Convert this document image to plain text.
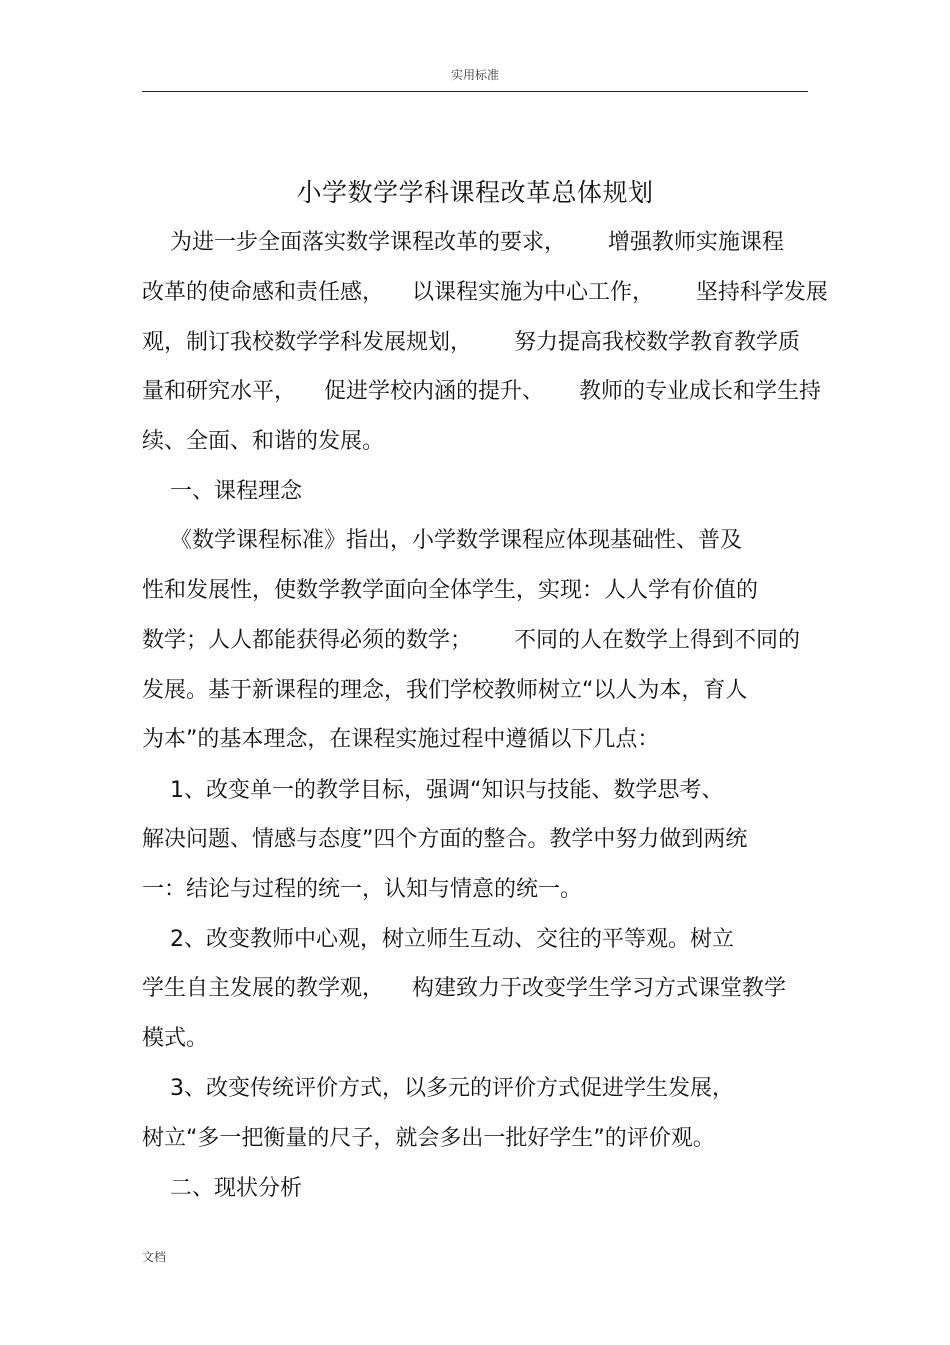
实用标准
小学数学学科课程改革总体规划
为进一步全面落实数学课程改革的要求，      增强教师实施课程
改革的使命感和责任感，    以课程实施为中心工作，      坚持科学发展
观，制订我校数学学科发展规划，      努力提高我校数学教育教学质
量和研究水平，    促进学校内涵的提升、     教师的专业成长和学生持
续、全面、和谐的发展。
一、课程理念
《数学课程标准》指出，小学数学课程应体现基础性、普及
性和发展性，使数学教学面向全体学生，实现：人人学有价值的
数学；人人都能获得必须的数学；      不同的人在数学上得到不同的
发展。基于新课程的理念，我们学校教师树立“以人为本，育人
为本”的基本理念，在课程实施过程中遵循以下几点：
1、改变单一的教学目标，强调“知识与技能、数学思考、
解决问题、情感与态度”四个方面的整合。教学中努力做到两统
一：结论与过程的统一，认知与情意的统一。
2、改变教师中心观，树立师生互动、交往的平等观。树立
学生自主发展的教学观，    构建致力于改变学生学习方式课堂教学
模式。
3、改变传统评价方式，以多元的评价方式促进学生发展，
树立“多一把衡量的尺子，就会多出一批好学生”的评价观。
二、现状分析
文档
